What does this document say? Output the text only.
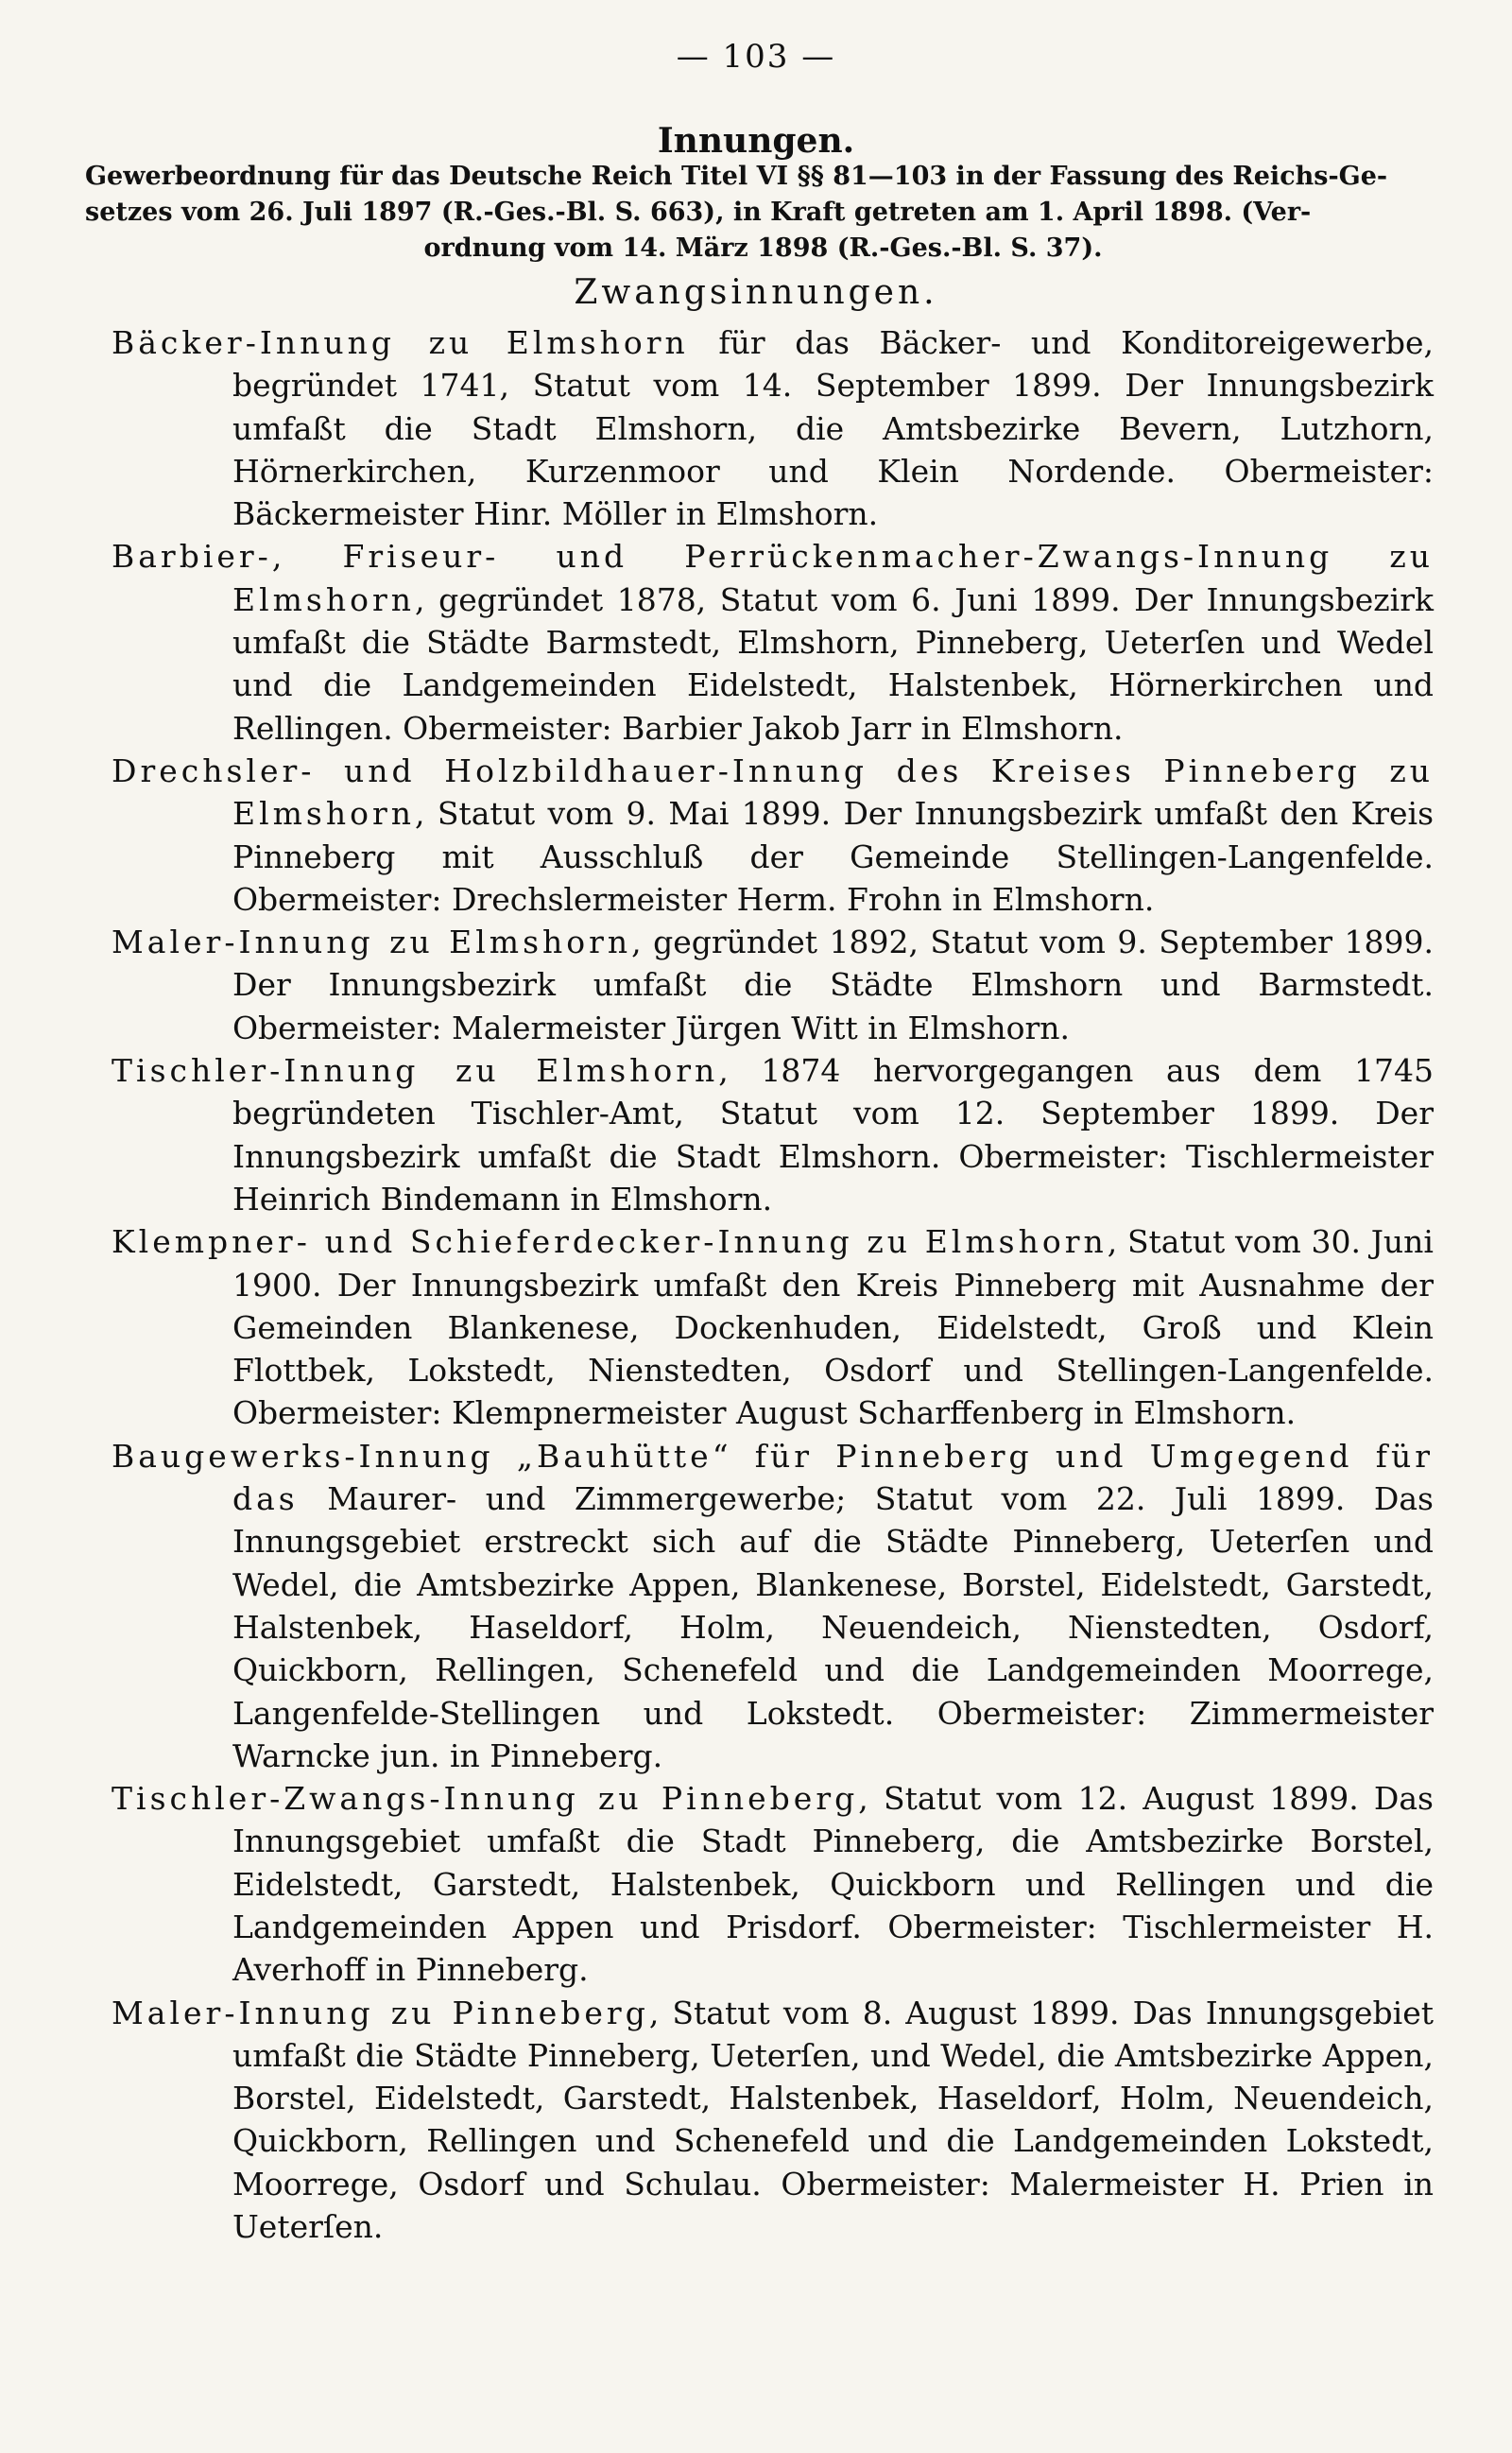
— 103 —
Innungen.
Gewerbeordnung für das Deutsche Reich Titel VI §§ 81—103 in der Fassung des Reichs-Ge-
setzes vom 26. Juli 1897 (R.-Ges.-Bl. S. 663), in Kraft getreten am 1. April 1898. (Ver-
ordnung vom 14. März 1898 (R.-Ges.-Bl. S. 37).
Zwangsinnungen.

Bäcker-Innung zu Elmshorn für das Bäcker- und Konditoreigewerbe, begründet 1741, Statut vom 14. September 1899. Der Innungsbezirk umfaßt die Stadt Elmshorn, die Amtsbezirke Bevern, Lutzhorn, Hörnerkirchen, Kurzenmoor und Klein Nordende. Obermeister: Bäckermeister Hinr. Möller in Elmshorn.

Barbier-, Friseur- und Perrückenmacher-Zwangs-Innung zu Elmshorn, gegründet 1878, Statut vom 6. Juni 1899. Der Innungsbezirk umfaßt die Städte Barmstedt, Elmshorn, Pinneberg, Ueterſen und Wedel und die Landgemeinden Eidelstedt, Halstenbek, Hörnerkirchen und Rellingen. Obermeister: Barbier Jakob Jarr in Elmshorn.

Drechsler- und Holzbildhauer-Innung des Kreises Pinneberg zu Elmshorn, Statut vom 9. Mai 1899. Der Innungsbezirk umfaßt den Kreis Pinneberg mit Ausschluß der Gemeinde Stellingen-Langenfelde. Obermeister: Drechslermeister Herm. Frohn in Elmshorn.

Maler-Innung zu Elmshorn, gegründet 1892, Statut vom 9. September 1899. Der Innungsbezirk umfaßt die Städte Elmshorn und Barmstedt. Obermeister: Malermeister Jürgen Witt in Elmshorn.

Tischler-Innung zu Elmshorn, 1874 hervorgegangen aus dem 1745 begründeten Tischler-Amt, Statut vom 12. September 1899. Der Innungsbezirk umfaßt die Stadt Elmshorn. Obermeister: Tischlermeister Heinrich Bindemann in Elmshorn.

Klempner- und Schieferdecker-Innung zu Elmshorn, Statut vom 30. Juni 1900. Der Innungsbezirk umfaßt den Kreis Pinneberg mit Ausnahme der Gemeinden Blankenese, Dockenhuden, Eidelstedt, Groß und Klein Flottbek, Lokstedt, Nienstedten, Osdorf und Stellingen-Langenfelde. Obermeister: Klempnermeister August Scharffenberg in Elmshorn.

Baugewerks-Innung „Bauhütte“ für Pinneberg und Umgegend für das Maurer- und Zimmergewerbe; Statut vom 22. Juli 1899. Das Innungsgebiet erstreckt sich auf die Städte Pinneberg, Ueterſen und Wedel, die Amtsbezirke Appen, Blankenese, Borstel, Eidelstedt, Garstedt, Halstenbek, Haseldorf, Holm, Neuendeich, Nienstedten, Osdorf, Quickborn, Rellingen, Schenefeld und die Landgemeinden Moorrege, Langenfelde-Stellingen und Lokstedt. Obermeister: Zimmermeister Warncke jun. in Pinneberg.

Tischler-Zwangs-Innung zu Pinneberg, Statut vom 12. August 1899. Das Innungsgebiet umfaßt die Stadt Pinneberg, die Amtsbezirke Borstel, Eidelstedt, Garstedt, Halstenbek, Quickborn und Rellingen und die Landgemeinden Appen und Prisdorf. Obermeister: Tischlermeister H. Averhoff in Pinneberg.

Maler-Innung zu Pinneberg, Statut vom 8. August 1899. Das Innungsgebiet umfaßt die Städte Pinneberg, Ueterſen, und Wedel, die Amtsbezirke Appen, Borstel, Eidelstedt, Garstedt, Halstenbek, Haseldorf, Holm, Neuendeich, Quickborn, Rellingen und Schenefeld und die Landgemeinden Lokstedt, Moorrege, Osdorf und Schulau. Obermeister: Malermeister H. Prien in Ueterſen.
